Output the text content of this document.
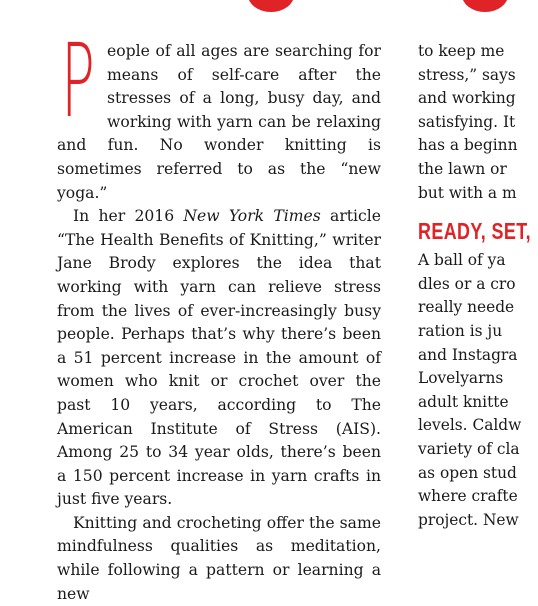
P eople of all ages are searching for means of self-care after the stresses of a long, busy day, and working with yarn can be relaxing and fun. No wonder knitting is sometimes referred to as the “new yoga.”

In her 2016 New York Times article “The Health Benefits of Knitting,” writer Jane Brody explores the idea that working with yarn can relieve stress from the lives of ever-increasingly busy people. Perhaps that’s why there’s been a 51 percent increase in the amount of women who knit or crochet over the past 10 years, according to The American Institute of Stress (AIS). Among 25 to 34 year olds, there’s been a 150 percent increase in yarn crafts in just five years.

Knitting and crocheting offer the same mindfulness qualities as meditation, while following a pattern or learning a new

to keep me
stress,” says
and working
satisfying. It
has a beginn
the lawn or
but with a m
READY, SET,
A ball of ya
dles or a cro
really neede
ration is ju
and Instagra
Lovelyarns
adult knitte
levels. Caldw
variety of cla
as open stud
where crafte
project. New
